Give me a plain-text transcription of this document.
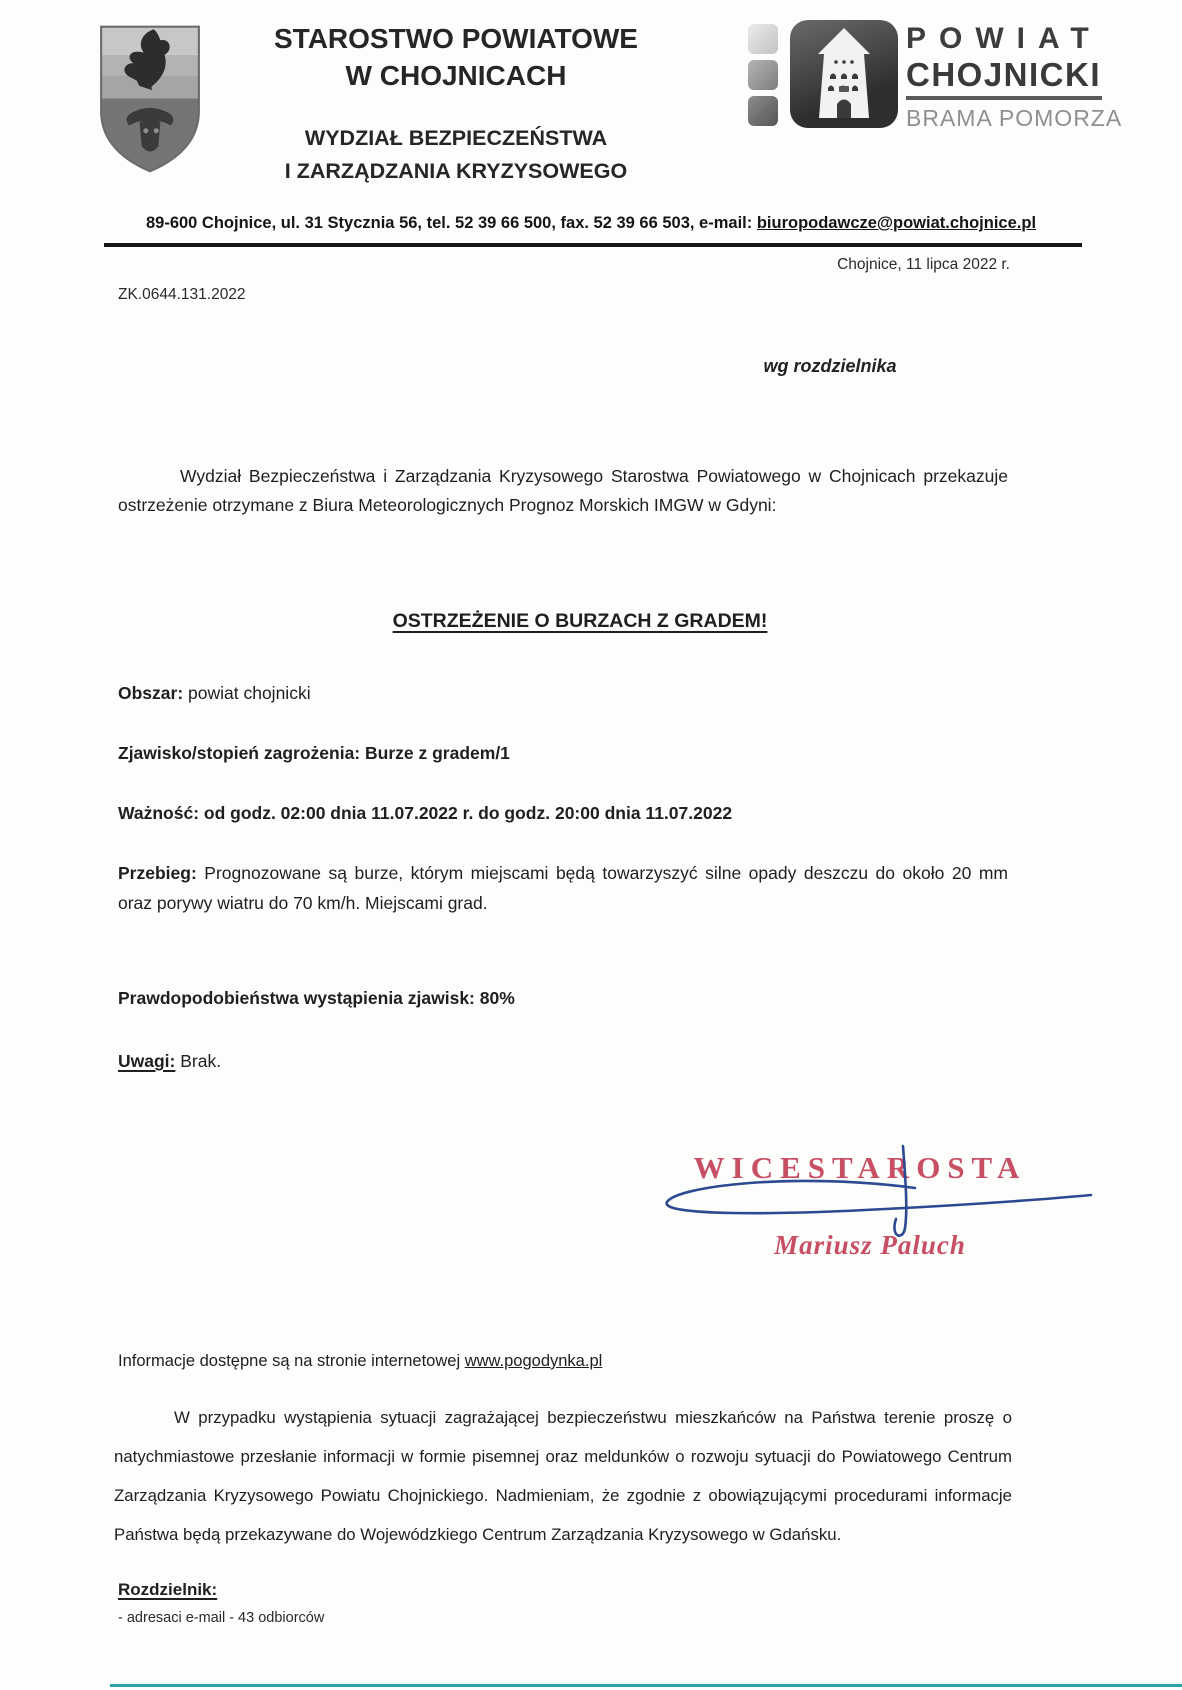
STAROSTWO POWIATOWE
W CHOJNICACH
WYDZIAŁ BEZPIECZEŃSTWA
I ZARZĄDZANIA KRYZYSOWEGO
POWIAT
CHOJNICKI
BRAMA POMORZA
89-600 Chojnice, ul. 31 Stycznia 56, tel. 52 39 66 500, fax. 52 39 66 503, e-mail: biuropodawcze@powiat.chojnice.pl
Chojnice, 11 lipca 2022 r.
ZK.0644.131.2022
wg rozdzielnika

Wydział Bezpieczeństwa i Zarządzania Kryzysowego Starostwa Powiatowego w Chojnicach przekazuje ostrzeżenie otrzymane z Biura Meteorologicznych Prognoz Morskich IMGW w Gdyni:

OSTRZEŻENIE O BURZACH Z GRADEM!
Obszar: powiat chojnicki
Zjawisko/stopień zagrożenia: Burze z gradem/1
Ważność: od godz. 02:00 dnia 11.07.2022 r. do godz. 20:00 dnia 11.07.2022
Przebieg: Prognozowane są burze, którym miejscami będą towarzyszyć silne opady deszczu do około 20 mm oraz porywy wiatru do 70 km/h. Miejscami grad.
Prawdopodobieństwa wystąpienia zjawisk: 80%
Uwagi: Brak.
WICESTAROSTA
Mariusz Paluch
Informacje dostępne są na stronie internetowej www.pogodynka.pl

W przypadku wystąpienia sytuacji zagrażającej bezpieczeństwu mieszkańców na Państwa terenie proszę o natychmiastowe przesłanie informacji w formie pisemnej oraz meldunków o rozwoju sytuacji do Powiatowego Centrum Zarządzania Kryzysowego Powiatu Chojnickiego. Nadmieniam, że zgodnie z obowiązującymi procedurami informacje Państwa będą przekazywane do Wojewódzkiego Centrum Zarządzania Kryzysowego w Gdańsku.

Rozdzielnik:
- adresaci e-mail - 43 odbiorców
